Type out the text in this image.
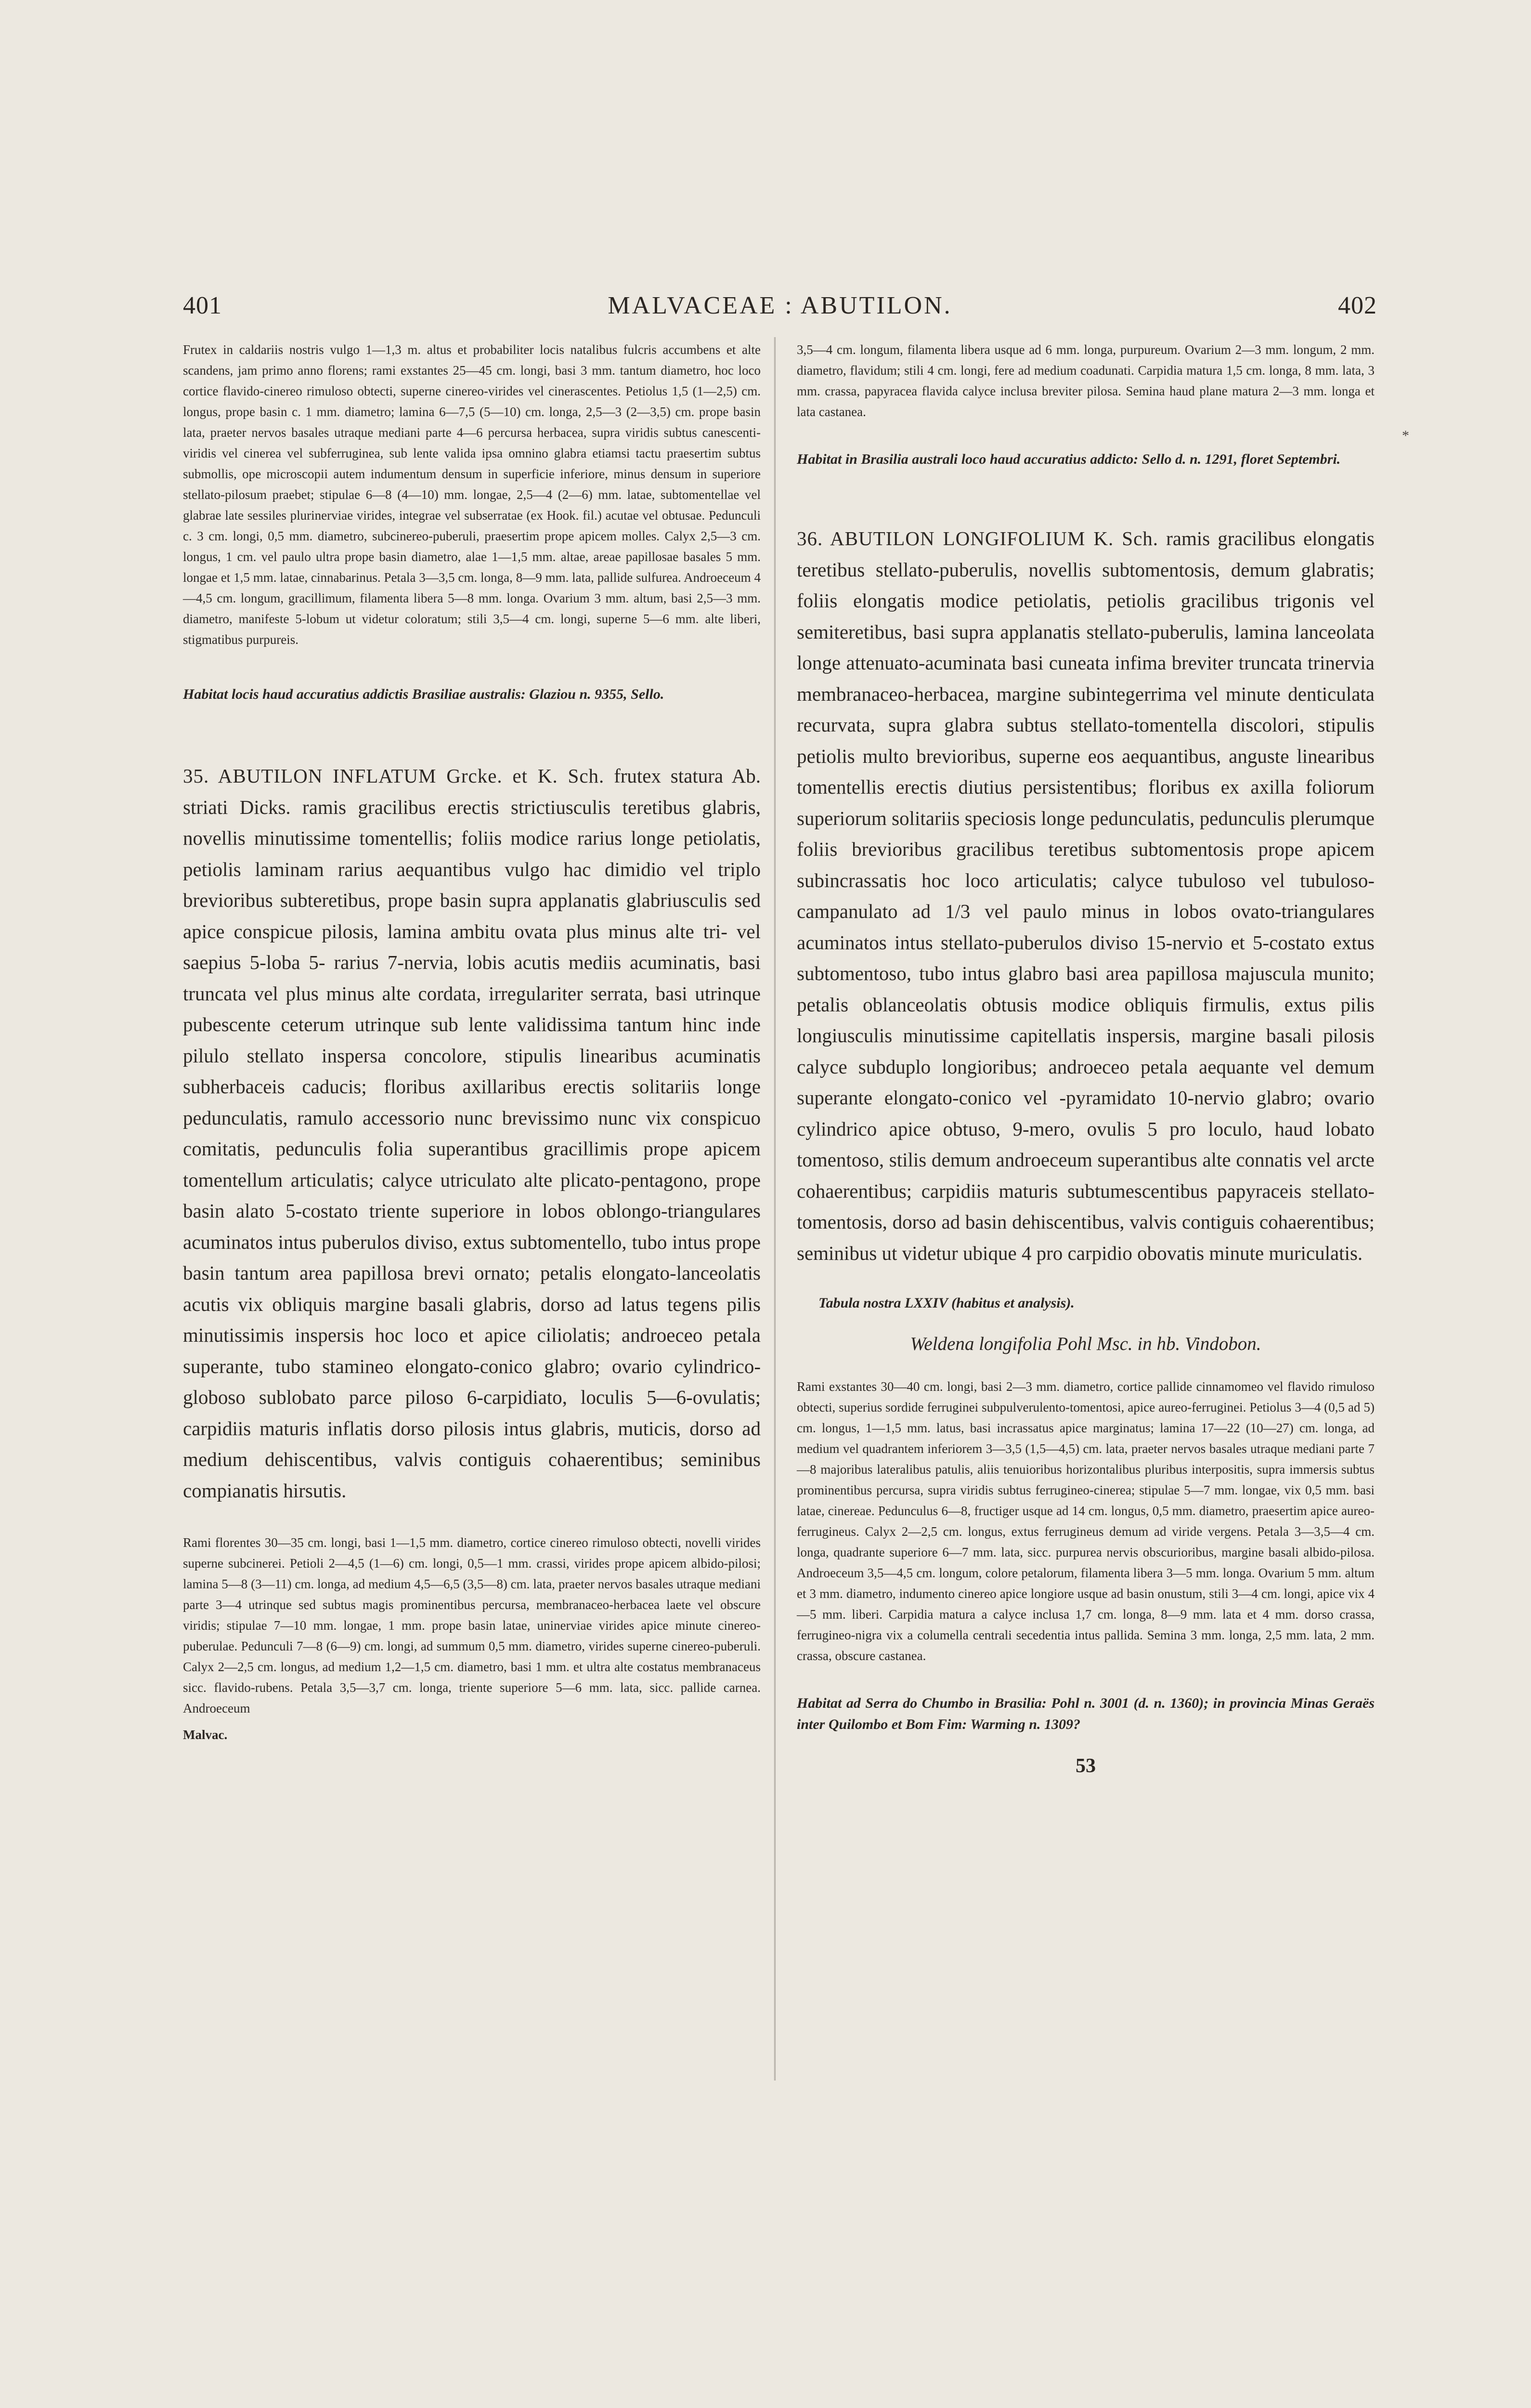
401	MALVACEAE : ABUTILON.	402

Frutex in caldariis nostris vulgo 1—1,3 m. altus et probabiliter locis natalibus fulcris accumbens et alte scandens, jam primo anno florens; rami exstantes 25—45 cm. longi, basi 3 mm. tantum diametro, hoc loco cortice flavido-cinereo rimuloso obtecti, superne cinereo-virides vel cinerascentes. Petiolus 1,5 (1—2,5) cm. longus, prope basin c. 1 mm. diametro; lamina 6—7,5 (5—10) cm. longa, 2,5—3 (2—3,5) cm. prope basin lata, praeter nervos basales utraque mediani parte 4—6 percursa herbacea, supra viridis subtus canescenti-viridis vel cinerea vel subferruginea, sub lente valida ipsa omnino glabra etiamsi tactu praesertim subtus submollis, ope microscopii autem indumentum densum in superficie inferiore, minus densum in superiore stellato-pilosum praebet; stipulae 6—8 (4—10) mm. longae, 2,5—4 (2—6) mm. latae, subtomentellae vel glabrae late sessiles plurinerviae virides, integrae vel subserratae (ex Hook. fil.) acutae vel obtusae. Pedunculi c. 3 cm. longi, 0,5 mm. diametro, subcinereo-puberuli, praesertim prope apicem molles. Calyx 2,5—3 cm. longus, 1 cm. vel paulo ultra prope basin diametro, alae 1—1,5 mm. altae, areae papillosae basales 5 mm. longae et 1,5 mm. latae, cinnabarinus. Petala 3—3,5 cm. longa, 8—9 mm. lata, pallide sulfurea. Androeceum 4—4,5 cm. longum, gracillimum, filamenta libera 5—8 mm. longa. Ovarium 3 mm. altum, basi 2,5—3 mm. diametro, manifeste 5-lobum ut videtur coloratum; stili 3,5—4 cm. longi, superne 5—6 mm. alte liberi, stigmatibus purpureis.

Habitat locis haud accuratius addictis Brasiliae australis: Glaziou n. 9355, Sello.

35. ABUTILON INFLATUM Grcke. et K. Sch. frutex statura Ab. striati Dicks. ramis gracilibus erectis strictiusculis teretibus glabris, novellis minutissime tomentellis; foliis modice rarius longe petiolatis, petiolis laminam rarius aequantibus vulgo hac dimidio vel triplo brevioribus subteretibus, prope basin supra applanatis glabriusculis sed apice conspicue pilosis, lamina ambitu ovata plus minus alte tri- vel saepius 5-loba 5- rarius 7-nervia, lobis acutis mediis acuminatis, basi truncata vel plus minus alte cordata, irregulariter serrata, basi utrinque pubescente ceterum utrinque sub lente validissima tantum hinc inde pilulo stellato inspersa concolore, stipulis linearibus acuminatis subherbaceis caducis; floribus axillaribus erectis solitariis longe pedunculatis, ramulo accessorio nunc brevissimo nunc vix conspicuo comitatis, pedunculis folia superantibus gracillimis prope apicem tomentellum articulatis; calyce utriculato alte plicato-pentagono, prope basin alato 5-costato triente superiore in lobos oblongo-triangulares acuminatos intus puberulos diviso, extus subtomentello, tubo intus prope basin tantum area papillosa brevi ornato; petalis elongato-lanceolatis acutis vix obliquis margine basali glabris, dorso ad latus tegens pilis minutissimis inspersis hoc loco et apice ciliolatis; androeceo petala superante, tubo stamineo elongato-conico glabro; ovario cylindrico-globoso sublobato parce piloso 6-carpidiato, loculis 5—6-ovulatis; carpidiis maturis inflatis dorso pilosis intus glabris, muticis, dorso ad medium dehiscentibus, valvis contiguis cohaerentibus; seminibus compianatis hirsutis.

Rami florentes 30—35 cm. longi, basi 1—1,5 mm. diametro, cortice cinereo rimuloso obtecti, novelli virides superne subcinerei. Petioli 2—4,5 (1—6) cm. longi, 0,5—1 mm. crassi, virides prope apicem albido-pilosi; lamina 5—8 (3—11) cm. longa, ad medium 4,5—6,5 (3,5—8) cm. lata, praeter nervos basales utraque mediani parte 3—4 utrinque sed subtus magis prominentibus percursa, membranaceo-herbacea laete vel obscure viridis; stipulae 7—10 mm. longae, 1 mm. prope basin latae, uninerviae virides apice minute cinereo-puberulae. Pedunculi 7—8 (6—9) cm. longi, ad summum 0,5 mm. diametro, virides superne cinereo-puberuli. Calyx 2—2,5 cm. longus, ad medium 1,2—1,5 cm. diametro, basi 1 mm. et ultra alte costatus membranaceus sicc. flavido-rubens. Petala 3,5—3,7 cm. longa, triente superiore 5—6 mm. lata, sicc. pallide carnea. Androeceum

Malvac.

3,5—4 cm. longum, filamenta libera usque ad 6 mm. longa, purpureum. Ovarium 2—3 mm. longum, 2 mm. diametro, flavidum; stili 4 cm. longi, fere ad medium coadunati. Carpidia matura 1,5 cm. longa, 8 mm. lata, 3 mm. crassa, papyracea flavida calyce inclusa breviter pilosa. Semina haud plane matura 2—3 mm. longa et lata castanea.

Habitat in Brasilia australi loco haud accuratius addicto: Sello d. n. 1291, floret Septembri.

36. ABUTILON LONGIFOLIUM K. Sch. ramis gracilibus elongatis teretibus stellato-puberulis, novellis subtomentosis, demum glabratis; foliis elongatis modice petiolatis, petiolis gracilibus trigonis vel semiteretibus, basi supra applanatis stellato-puberulis, lamina lanceolata longe attenuato-acuminata basi cuneata infima breviter truncata trinervia membranaceo-herbacea, margine subintegerrima vel minute denticulata recurvata, supra glabra subtus stellato-tomentella discolori, stipulis petiolis multo brevioribus, superne eos aequantibus, anguste linearibus tomentellis erectis diutius persistentibus; floribus ex axilla foliorum superiorum solitariis speciosis longe pedunculatis, pedunculis plerumque foliis brevioribus gracilibus teretibus subtomentosis prope apicem subincrassatis hoc loco articulatis; calyce tubuloso vel tubuloso-campanulato ad 1/3 vel paulo minus in lobos ovato-triangulares acuminatos intus stellato-puberulos diviso 15-nervio et 5-costato extus subtomentoso, tubo intus glabro basi area papillosa majuscula munito; petalis oblanceolatis obtusis modice obliquis firmulis, extus pilis longiusculis minutissime capitellatis inspersis, margine basali pilosis calyce subduplo longioribus; androeceo petala aequante vel demum superante elongato-conico vel -pyramidato 10-nervio glabro; ovario cylindrico apice obtuso, 9-mero, ovulis 5 pro loculo, haud lobato tomentoso, stilis demum androeceum superantibus alte connatis vel arcte cohaerentibus; carpidiis maturis subtumescentibus papyraceis stellato-tomentosis, dorso ad basin dehiscentibus, valvis contiguis cohaerentibus; seminibus ut videtur ubique 4 pro carpidio obovatis minute muriculatis.

Tabula nostra LXXIV (habitus et analysis).

Weldena longifolia Pohl Msc. in hb. Vindobon.

Rami exstantes 30—40 cm. longi, basi 2—3 mm. diametro, cortice pallide cinnamomeo vel flavido rimuloso obtecti, superius sordide ferruginei subpulverulento-tomentosi, apice aureo-ferruginei. Petiolus 3—4 (0,5 ad 5) cm. longus, 1—1,5 mm. latus, basi incrassatus apice marginatus; lamina 17—22 (10—27) cm. longa, ad medium vel quadrantem inferiorem 3—3,5 (1,5—4,5) cm. lata, praeter nervos basales utraque mediani parte 7—8 majoribus lateralibus patulis, aliis tenuioribus horizontalibus pluribus interpositis, supra immersis subtus prominentibus percursa, supra viridis subtus ferrugineo-cinerea; stipulae 5—7 mm. longae, vix 0,5 mm. basi latae, cinereae. Pedunculus 6—8, fructiger usque ad 14 cm. longus, 0,5 mm. diametro, praesertim apice aureo-ferrugineus. Calyx 2—2,5 cm. longus, extus ferrugineus demum ad viride vergens. Petala 3—3,5—4 cm. longa, quadrante superiore 6—7 mm. lata, sicc. purpurea nervis obscurioribus, margine basali albido-pilosa. Androeceum 3,5—4,5 cm. longum, colore petalorum, filamenta libera 3—5 mm. longa. Ovarium 5 mm. altum et 3 mm. diametro, indumento cinereo apice longiore usque ad basin onustum, stili 3—4 cm. longi, apice vix 4—5 mm. liberi. Carpidia matura a calyce inclusa 1,7 cm. longa, 8—9 mm. lata et 4 mm. dorso crassa, ferrugineo-nigra vix a columella centrali secedentia intus pallida. Semina 3 mm. longa, 2,5 mm. lata, 2 mm. crassa, obscure castanea.

Habitat ad Serra do Chumbo in Brasilia: Pohl n. 3001 (d. n. 1360); in provincia Minas Geraës inter Quilombo et Bom Fim: Warming n. 1309?

53
*
